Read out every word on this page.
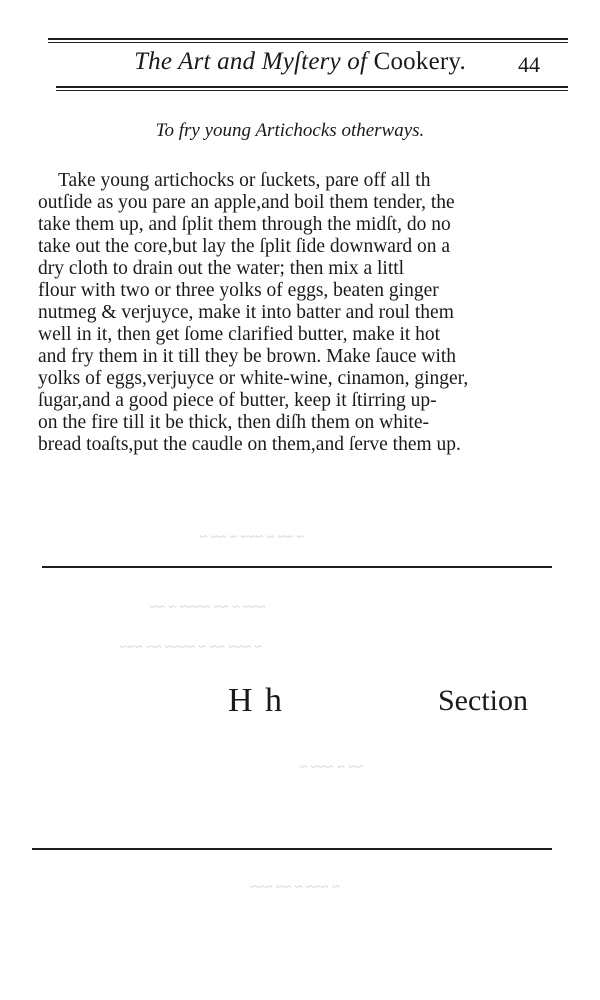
The Art and Myſtery of Cookery.	44
To fry young Artichocks otherways.
Take young artichocks or ſuckets, pare off all th
outſide as you pare an apple,and boil them tender, the
take them up, and ſplit them through the midſt, do no
take out the core,but lay the ſplit ſide downward on a
dry cloth to drain out the water; then mix a littl
flour with two or three yolks of eggs, beaten ginger
nutmeg & verjuyce, make it into batter and roul them
well in it, then get ſome clarified butter, make it hot
and fry them in it till they be brown. Make ſauce with
yolks of eggs,verjuyce or white-wine, cinamon, ginger,
ſugar,and a good piece of butter, keep it ſtirring up-
on the fire till it be thick, then diſh them on white-
bread toaſts,put the caudle on them,and ſerve them up.
~ ~~ ~ ~~~ ~ ~~ ~
~~~ ~ ~~ ~~~~ ~ ~~
~ ~~~ ~~ ~ ~~~~ ~~ ~~~
~~ ~ ~~~ ~
~ ~~~ ~ ~~ ~~~
H h	Section
